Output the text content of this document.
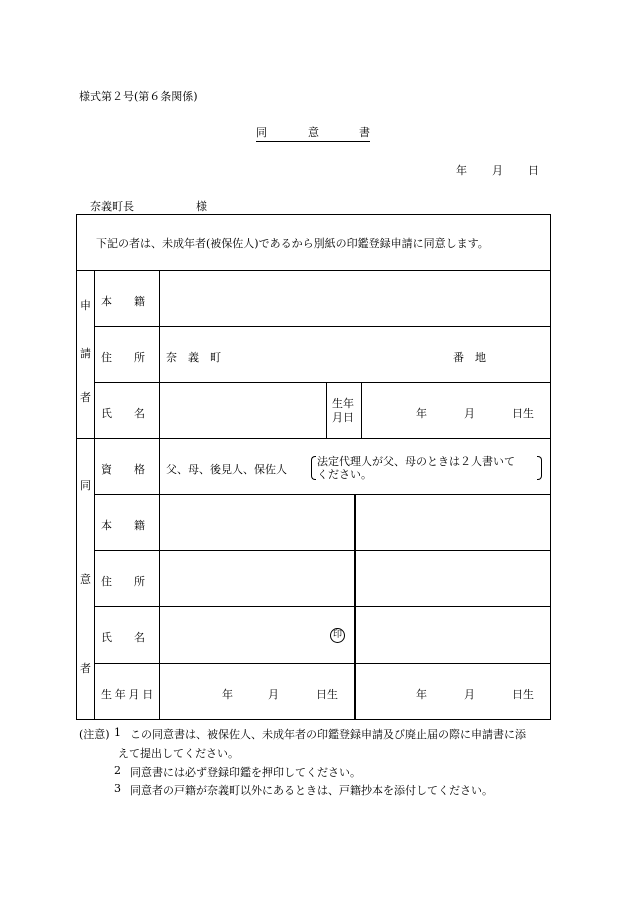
様式第２号(第６条関係)
同	意	書
年 月 日
奈義町長	様
下記の者は、未成年者(被保佐人)であるから別紙の印鑑登録申請に同意します。
申
請
者
本　　籍
住　　所 奈　義　町	番　地
氏　　名
生年
月日	年	月	日生
同
意
者
資　　格 父、母、後見人、保佐人
法定代理人が父、母のときは２人書いて
ください。
本　　籍
住　　所
氏　　名	印
生年月日	年	月	日生	年	月	日生
(注意) 1 この同意書は、被保佐人、未成年者の印鑑登録申請及び廃止届の際に申請書に添
えて提出してください。
2 同意書には必ず登録印鑑を押印してください。
3 同意者の戸籍が奈義町以外にあるときは、戸籍抄本を添付してください。
